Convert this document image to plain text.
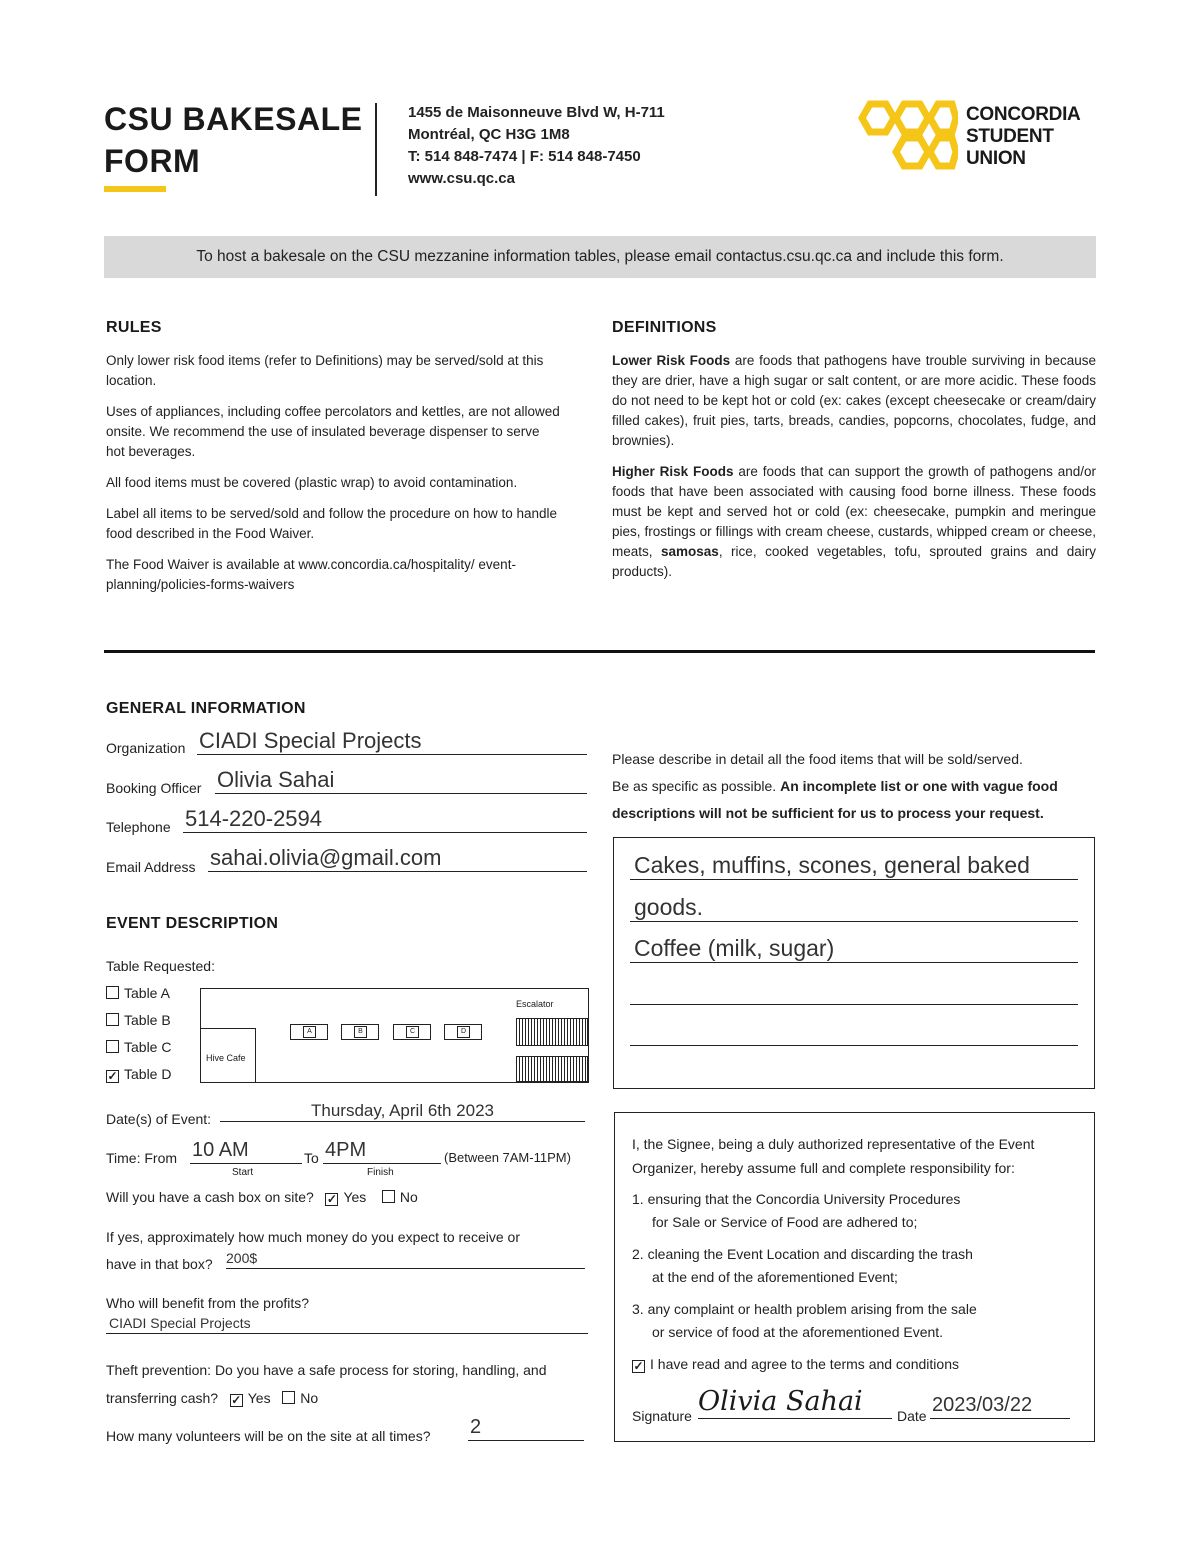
CSU BAKESALE
FORM
1455 de Maisonneuve Blvd W, H-711
Montréal, QC H3G 1M8
T: 514 848-7474 | F: 514 848-7450
www.csu.qc.ca
CONCORDIA
STUDENT
UNION
To host a bakesale on the CSU mezzanine information tables, please email contactus.csu.qc.ca and include this form.
RULES

Only lower risk food items (refer to Definitions) may be served/sold at this location.

Uses of appliances, including coffee percolators and kettles, are not allowed onsite. We recommend the use of insulated beverage dispenser to serve hot beverages.

All food items must be covered (plastic wrap) to avoid contamination.

Label all items to be served/sold and follow the procedure on how to handle food described in the Food Waiver.

The Food Waiver is available at www.concordia.ca/hospitality/ event-planning/policies-forms-waivers

DEFINITIONS

Lower Risk Foods are foods that pathogens have trouble surviving in because they are drier, have a high sugar or salt content, or are more acidic. These foods do not need to be kept hot or cold (ex: cakes (except cheesecake or cream/dairy filled cakes), fruit pies, tarts, breads, candies, popcorns, chocolates, fudge, and brownies).

Higher Risk Foods are foods that can support the growth of pathogens and/or foods that have been associated with causing food borne illness. These foods must be kept and served hot or cold (ex: cheesecake, pumpkin and meringue pies, frostings or fillings with cream cheese, custards, whipped cream or cheese, meats, samosas, rice, cooked vegetables, tofu, sprouted grains and dairy products).

GENERAL INFORMATION
Organization CIADI Special Projects
Booking Officer Olivia Sahai
Telephone 514-220-2594
Email Address sahai.olivia@gmail.com
Please describe in detail all the food items that will be sold/served.
Be as specific as possible. An incomplete list or one with vague food
descriptions will not be sufficient for us to process your request.
Cakes, muffins, scones, general baked
goods.
Coffee (milk, sugar)
EVENT DESCRIPTION
Table Requested:
Table A
Table B
Table C
✓ Table D
Hive Cafe
Escalator
A	B	C	D
Date(s) of Event:	Thursday, April 6th 2023
Time: From 10 AM
Start
To 4PM
Finish
(Between 7AM-11PM)
Will you have a cash box on site? ✓ Yes No
If yes, approximately how much money do you expect to receive or
have in that box? 200$
Who will benefit from the profits?
CIADI Special Projects
Theft prevention: Do you have a safe process for storing, handling, and
transferring cash? ✓ Yes No
How many volunteers will be on the site at all times? 2
I, the Signee, being a duly authorized representative of the Event Organizer, hereby assume full and complete responsibility for:
1. ensuring that the Concordia University Procedures
for Sale or Service of Food are adhered to;
2. cleaning the Event Location and discarding the trash
at the end of the aforementioned Event;
3. any complaint or health problem arising from the sale
or service of food at the aforementioned Event.
✓ I have read and agree to the terms and conditions
Signature Olivia Sahai	Date 2023/03/22
